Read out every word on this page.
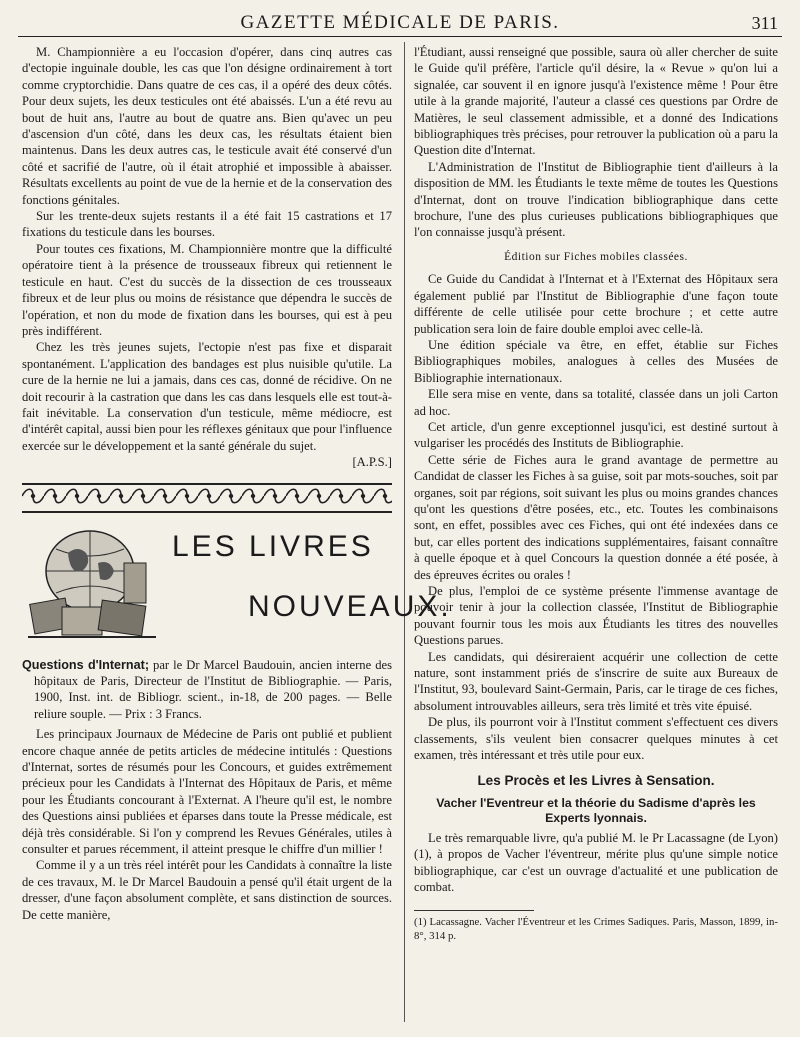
GAZETTE MÉDICALE DE PARIS.	311

M. Championnière a eu l'occasion d'opérer, dans cinq autres cas d'ectopie inguinale double, les cas que l'on désigne ordinairement à tort comme cryptorchidie. Dans quatre de ces cas, il a opéré des deux côtés. Pour deux sujets, les deux testicules ont été abaissés. L'un a été revu au bout de huit ans, l'autre au bout de quatre ans. Bien qu'avec un peu d'ascension d'un côté, dans les deux cas, les résultats étaient bien maintenus. Dans les deux autres cas, le testicule avait été conservé d'un côté et sacrifié de l'autre, où il était atrophié et impossible à abaisser. Résultats excellents au point de vue de la hernie et de la conservation des fonctions génitales.

Sur les trente-deux sujets restants il a été fait 15 castrations et 17 fixations du testicule dans les bourses.

Pour toutes ces fixations, M. Championnière montre que la difficulté opératoire tient à la présence de trousseaux fibreux qui retiennent le testicule en haut. C'est du succès de la dissection de ces trousseaux fibreux et de leur plus ou moins de résistance que dépendra le succès de l'opération, et non du mode de fixation dans les bourses, qui est à peu près indifférent.

Chez les très jeunes sujets, l'ectopie n'est pas fixe et disparait spontanément. L'application des bandages est plus nuisible qu'utile. La cure de la hernie ne lui a jamais, dans ces cas, donné de récidive. On ne doit recourir à la castration que dans les cas dans lesquels elle est tout-à-fait inévitable. La conservation d'un testicule, même médiocre, est d'intérêt capital, aussi bien pour les réflexes génitaux que pour l'influence exercée sur le développement et la santé générale du sujet.

[A.P.S.]
LES LIVRES
NOUVEAUX.

Questions d'Internat; par le Dr Marcel Baudouin, ancien interne des hôpitaux de Paris, Directeur de l'Institut de Bibliographie. — Paris, 1900, Inst. int. de Bibliogr. scient., in-18, de 200 pages. — Belle reliure souple. — Prix : 3 Francs.

Les principaux Journaux de Médecine de Paris ont publié et publient encore chaque année de petits articles de médecine intitulés : Questions d'Internat, sortes de résumés pour les Concours, et guides extrêmement précieux pour les Candidats à l'Internat des Hôpitaux de Paris, et même pour les Étudiants concourant à l'Externat. A l'heure qu'il est, le nombre des Questions ainsi publiées et éparses dans toute la Presse médicale, est déjà très considérable. Si l'on y comprend les Revues Générales, utiles à consulter et parues récemment, il atteint presque le chiffre d'un millier !

Comme il y a un très réel intérêt pour les Candidats à connaître la liste de ces travaux, M. le Dr Marcel Baudouin a pensé qu'il était urgent de la dresser, d'une façon absolument complète, et sans distinction de sources. De cette manière,

l'Étudiant, aussi renseigné que possible, saura où aller chercher de suite le Guide qu'il préfère, l'article qu'il désire, la « Revue » qu'on lui a signalée, car souvent il en ignore jusqu'à l'existence même ! Pour être utile à la grande majorité, l'auteur a classé ces questions par Ordre de Matières, le seul classement admissible, et a donné des Indications bibliographiques très précises, pour retrouver la publication où a paru la Question dite d'Internat.

L'Administration de l'Institut de Bibliographie tient d'ailleurs à la disposition de MM. les Étudiants le texte même de toutes les Questions d'Internat, dont on trouve l'indication bibliographique dans cette brochure, l'une des plus curieuses publications bibliographiques que l'on connaisse jusqu'à présent.

Édition sur Fiches mobiles classées.

Ce Guide du Candidat à l'Internat et à l'Externat des Hôpitaux sera également publié par l'Institut de Bibliographie d'une façon toute différente de celle utilisée pour cette brochure ; et cette autre publication sera loin de faire double emploi avec celle-là.

Une édition spéciale va être, en effet, établie sur Fiches Bibliographiques mobiles, analogues à celles des Musées de Bibliographie internationaux.

Elle sera mise en vente, dans sa totalité, classée dans un joli Carton ad hoc.

Cet article, d'un genre exceptionnel jusqu'ici, est destiné surtout à vulgariser les procédés des Instituts de Bibliographie.

Cette série de Fiches aura le grand avantage de permettre au Candidat de classer les Fiches à sa guise, soit par mots-souches, soit par organes, soit par régions, soit suivant les plus ou moins grandes chances qu'ont les questions d'être posées, etc., etc. Toutes les combinaisons sont, en effet, possibles avec ces Fiches, qui ont été indexées dans ce but, car elles portent des indications supplémentaires, faisant connaître à quelle époque et à quel Concours la question donnée a été posée, à des épreuves écrites ou orales !

De plus, l'emploi de ce système présente l'immense avantage de pouvoir tenir à jour la collection classée, l'Institut de Bibliographie pouvant fournir tous les mois aux Étudiants les titres des nouvelles Questions parues.

Les candidats, qui désireraient acquérir une collection de cette nature, sont instamment priés de s'inscrire de suite aux Bureaux de l'Institut, 93, boulevard Saint-Germain, Paris, car le tirage de ces fiches, absolument introuvables ailleurs, sera très limité et très vite épuisé.

De plus, ils pourront voir à l'Institut comment s'effectuent ces divers classements, s'ils veulent bien consacrer quelques minutes à cet examen, très intéressant et très utile pour eux.

Les Procès et les Livres à Sensation.
Vacher l'Eventreur et la théorie du Sadisme d'après les Experts lyonnais.

Le très remarquable livre, qu'a publié M. le Pr Lacassagne (de Lyon) (1), à propos de Vacher l'éventreur, mérite plus qu'une simple notice bibliographique, car c'est un ouvrage d'actualité et une publication de combat.

(1) Lacassagne. Vacher l'Éventreur et les Crimes Sadiques. Paris, Masson, 1899, in-8°, 314 p.
